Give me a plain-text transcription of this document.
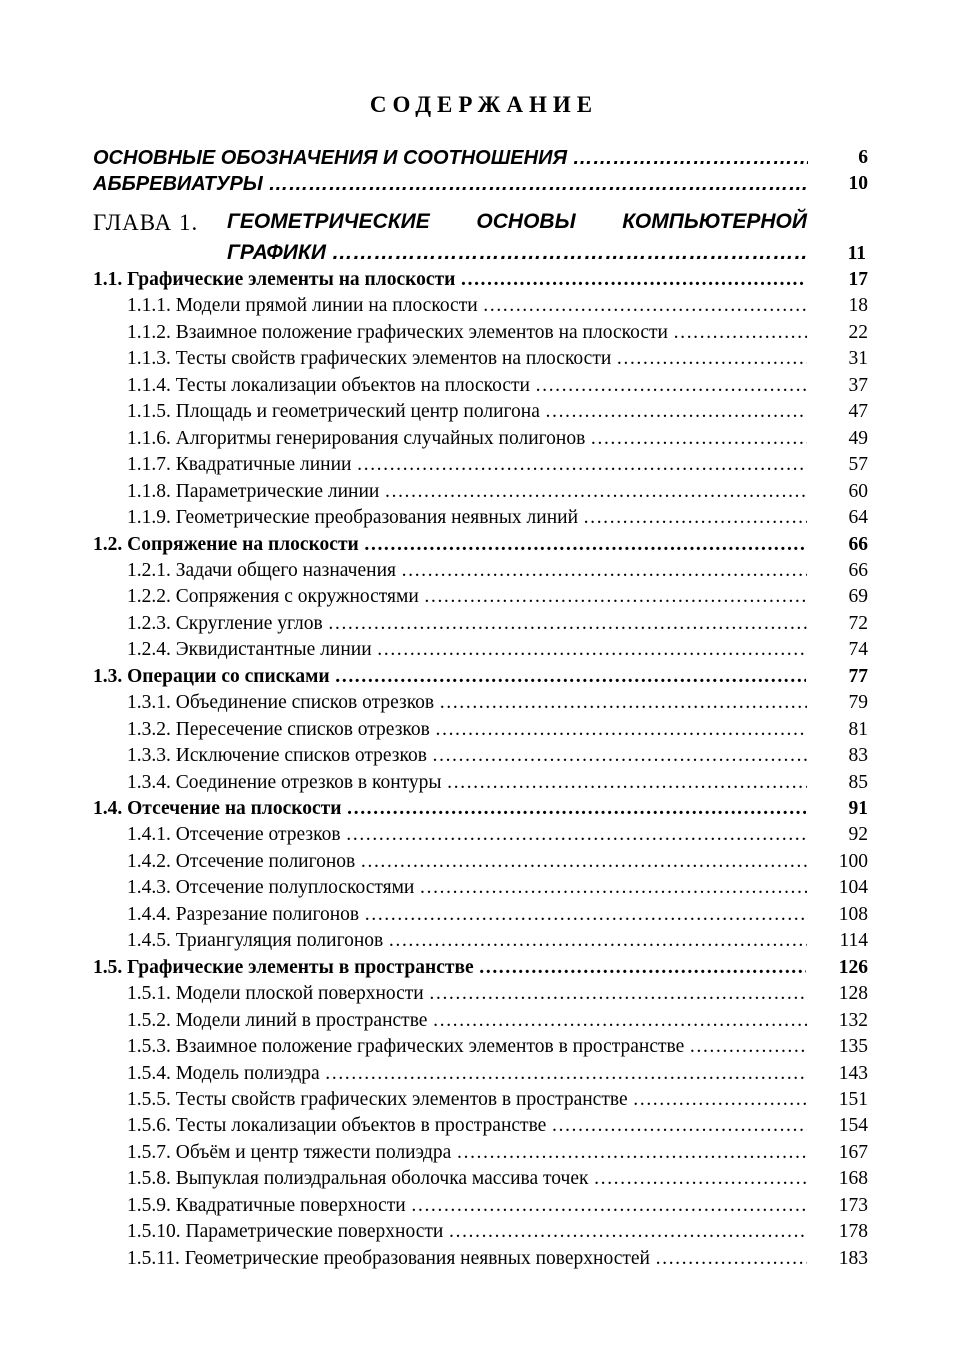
СОДЕРЖАНИЕ
ОСНОВНЫЕ ОБОЗНАЧЕНИЯ И СООТНОШЕНИЯ ……………………………………………………………………………………………………………………………………	6
АББРЕВИАТУРЫ ……………………………………………………………………………………………………………………………………	10
ГЛАВА 1. ГЕОМЕТРИЧЕСКИЕ ОСНОВЫ КОМПЬЮТЕРНОЙ
ГРАФИКИ ……………………………………………………………………………………………………………………………………	11
1.1. Графические элементы на плоскости ……………………………………………………………………………………………………………………………………	17
1.1.1. Модели прямой линии на плоскости ……………………………………………………………………………………………………………………………………	18
1.1.2. Взаимное положение графических элементов на плоскости ……………………………………………………………………………………………………………………………………	22
1.1.3. Тесты свойств графических элементов на плоскости ……………………………………………………………………………………………………………………………………	31
1.1.4. Тесты локализации объектов на плоскости ……………………………………………………………………………………………………………………………………	37
1.1.5. Площадь и геометрический центр полигона ……………………………………………………………………………………………………………………………………	47
1.1.6. Алгоритмы генерирования случайных полигонов ……………………………………………………………………………………………………………………………………	49
1.1.7. Квадратичные линии ……………………………………………………………………………………………………………………………………	57
1.1.8. Параметрические линии ……………………………………………………………………………………………………………………………………	60
1.1.9. Геометрические преобразования неявных линий ……………………………………………………………………………………………………………………………………	64
1.2. Сопряжение на плоскости ……………………………………………………………………………………………………………………………………	66
1.2.1. Задачи общего назначения ……………………………………………………………………………………………………………………………………	66
1.2.2. Сопряжения с окружностями ……………………………………………………………………………………………………………………………………	69
1.2.3. Скругление углов ……………………………………………………………………………………………………………………………………	72
1.2.4. Эквидистантные линии ……………………………………………………………………………………………………………………………………	74
1.3. Операции со списками ……………………………………………………………………………………………………………………………………	77
1.3.1. Объединение списков отрезков ……………………………………………………………………………………………………………………………………	79
1.3.2. Пересечение списков отрезков ……………………………………………………………………………………………………………………………………	81
1.3.3. Исключение списков отрезков ……………………………………………………………………………………………………………………………………	83
1.3.4. Соединение отрезков в контуры ……………………………………………………………………………………………………………………………………	85
1.4. Отсечение на плоскости ……………………………………………………………………………………………………………………………………	91
1.4.1. Отсечение отрезков ……………………………………………………………………………………………………………………………………	92
1.4.2. Отсечение полигонов ……………………………………………………………………………………………………………………………………	100
1.4.3. Отсечение полуплоскостями ……………………………………………………………………………………………………………………………………	104
1.4.4. Разрезание полигонов ……………………………………………………………………………………………………………………………………	108
1.4.5. Триангуляция полигонов ……………………………………………………………………………………………………………………………………	114
1.5. Графические элементы в пространстве ……………………………………………………………………………………………………………………………………	126
1.5.1. Модели плоской поверхности ……………………………………………………………………………………………………………………………………	128
1.5.2. Модели линий в пространстве ……………………………………………………………………………………………………………………………………	132
1.5.3. Взаимное положение графических элементов в пространстве ……………………………………………………………………………………………………………………………………	135
1.5.4. Модель полиэдра ……………………………………………………………………………………………………………………………………	143
1.5.5. Тесты свойств графических элементов в пространстве ……………………………………………………………………………………………………………………………………	151
1.5.6. Тесты локализации объектов в пространстве ……………………………………………………………………………………………………………………………………	154
1.5.7. Объём и центр тяжести полиэдра ……………………………………………………………………………………………………………………………………	167
1.5.8. Выпуклая полиэдральная оболочка массива точек ……………………………………………………………………………………………………………………………………	168
1.5.9. Квадратичные поверхности ……………………………………………………………………………………………………………………………………	173
1.5.10. Параметрические поверхности ……………………………………………………………………………………………………………………………………	178
1.5.11. Геометрические преобразования неявных поверхностей ……………………………………………………………………………………………………………………………………	183
